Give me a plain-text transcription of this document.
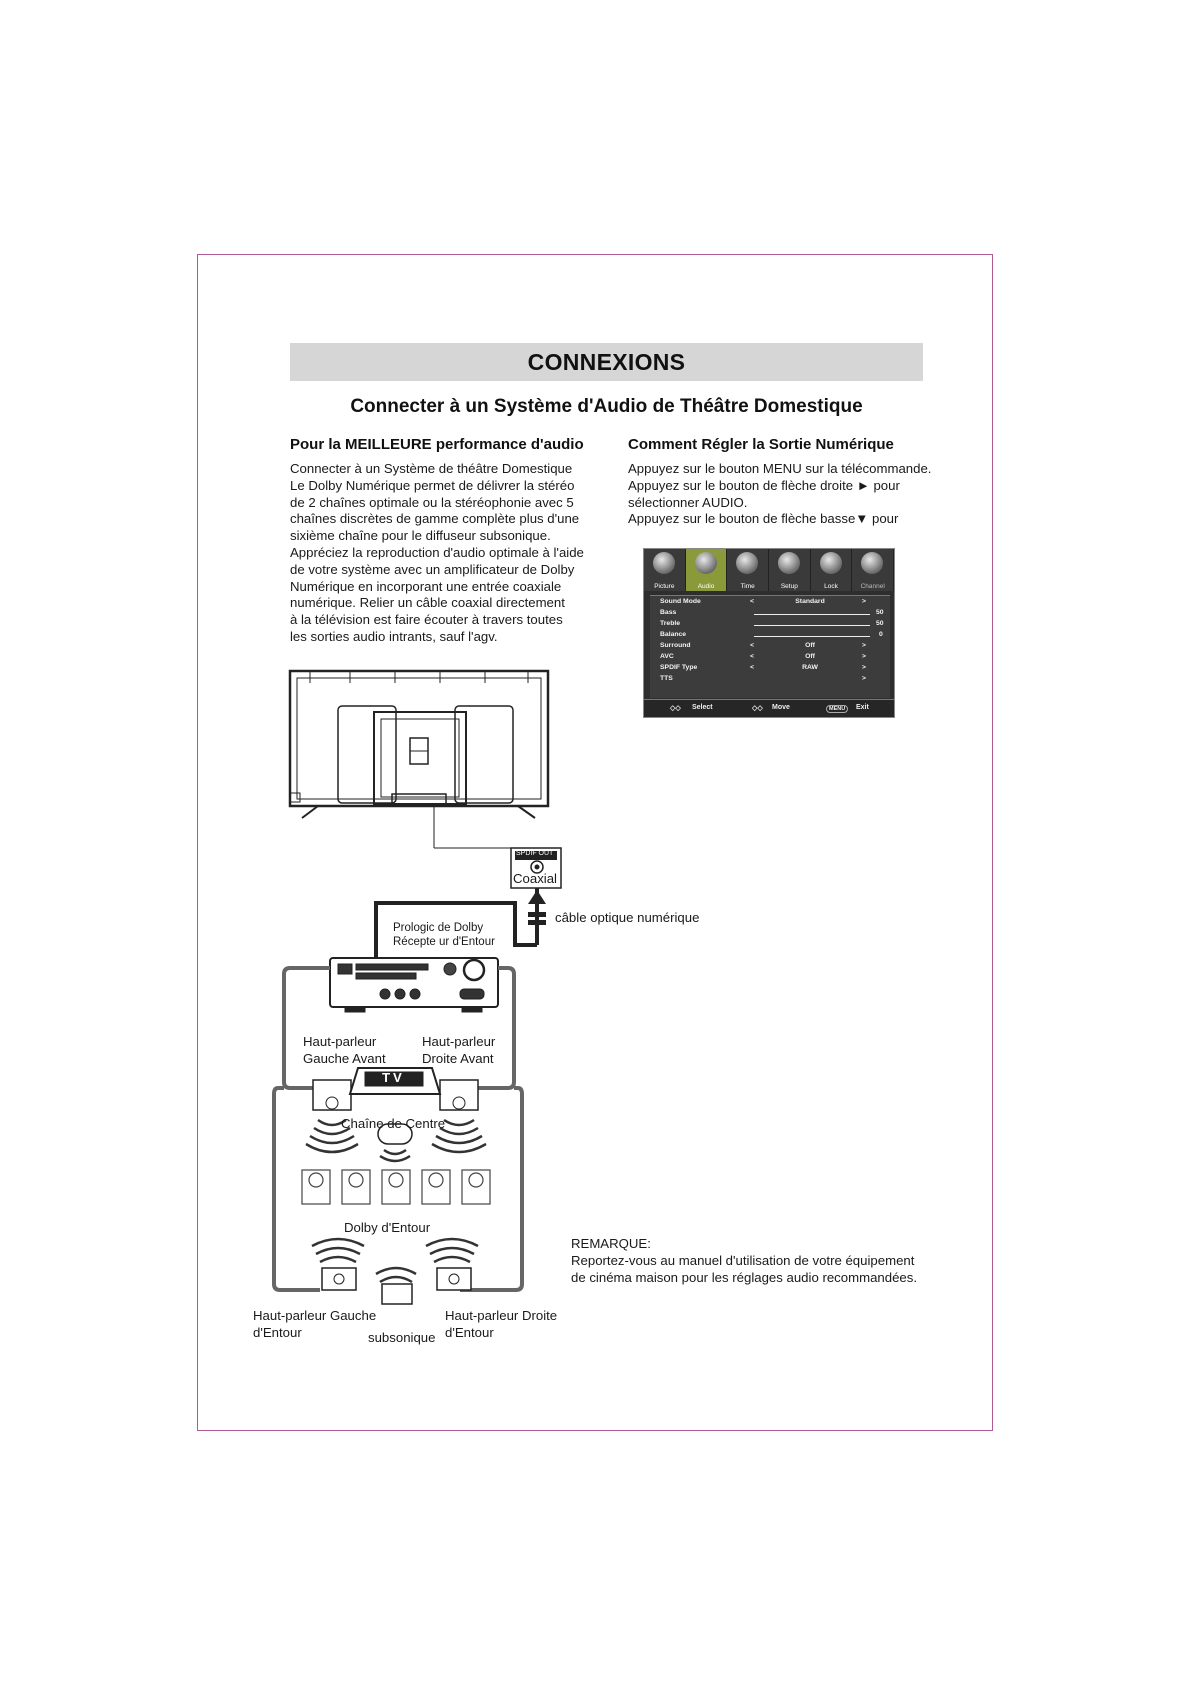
CONNEXIONS
Connecter à un Système d'Audio de Théâtre Domestique
Pour la MEILLEURE performance d'audio
Connecter à un Système de théâtre Domestique
Le Dolby Numérique permet de délivrer la stéréo
de 2 chaînes optimale ou la stéréophonie avec 5
chaînes discrètes de gamme complète plus d'une
sixième chaîne pour le diffuseur subsonique.
Appréciez la reproduction d'audio optimale à l'aide
de votre système avec un amplificateur de Dolby
Numérique en incorporant une entrée coaxiale
numérique. Relier un câble coaxial directement
à la télévision est faire écouter à travers toutes
les sorties audio intrants, sauf l'agv.
Comment Régler la Sortie Numérique
Appuyez sur le bouton MENU sur la télécommande.
Appuyez sur le bouton de flèche droite ► pour
sélectionner AUDIO.
Appuyez sur le bouton de flèche basse▼ pour
Picture	Audio	Time	Setup	Lock	Channel
Sound Mode	<	Standard	>
Bass	50
Treble	50
Balance	0
Surround	<	Off	>
AVC	<	Off	>
SPDIF Type	<	RAW	>
TTS	>
◇◇ Select	◇◇ Move	MENU	Exit
SPDIF OUT
Coaxial
câble optique numérique
Prologic de Dolby
Récepte ur d'Entour
Haut-parleur
Gauche Avant
Haut-parleur
Droite Avant
TV
Chaîne de Centre
Dolby d'Entour
Haut-parleur Gauche
d'Entour	subsonique
Haut-parleur Droite
d'Entour
REMARQUE:
Reportez-vous au manuel d'utilisation de votre équipement
de cinéma maison pour les réglages audio recommandées.
